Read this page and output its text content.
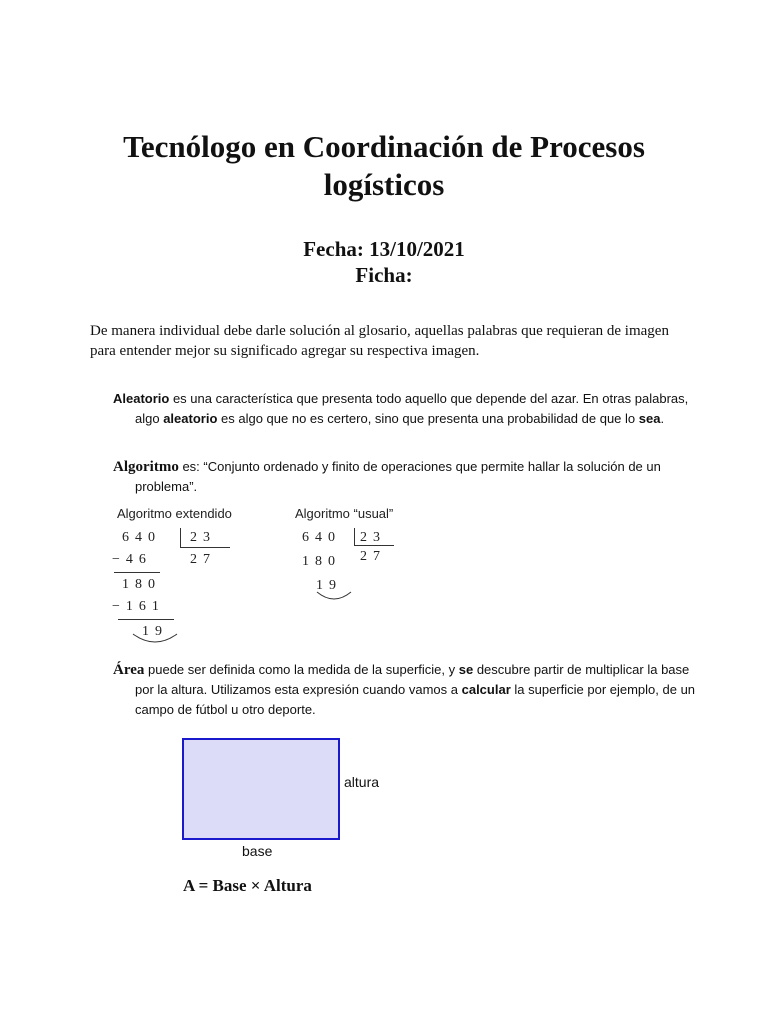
Tecnólogo en Coordinación de Procesos
logísticos
Fecha: 13/10/2021
Ficha:
De manera individual debe darle solución al glosario, aquellas palabras que requieran de imagen para entender mejor su significado agregar su respectiva imagen.
Aleatorio es una característica que presenta todo aquello que depende del azar. En otras palabras, algo aleatorio es algo que no es certero, sino que presenta una probabilidad de que lo sea.
Algoritmo es: “Conjunto ordenado y finito de operaciones que permite hallar la solución de un problema”.
Algoritmo extendido
640 23
27
−46
180
−161
19
Algoritmo “usual”
640 23
27
180
19
Área puede ser definida como la medida de la superficie, y se descubre partir de multiplicar la base por la altura. Utilizamos esta expresión cuando vamos a calcular la superficie por ejemplo, de un campo de fútbol u otro deporte.
altura
base
A = Base × Altura
